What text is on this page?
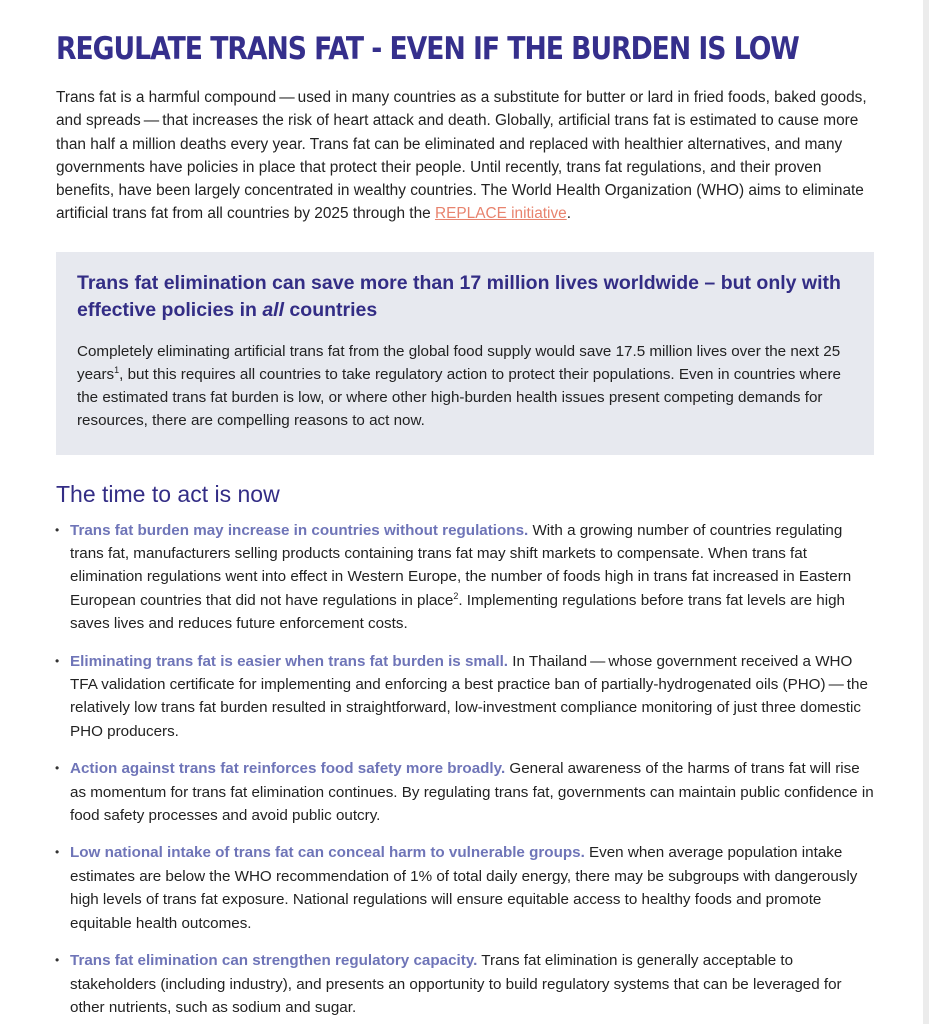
REGULATE TRANS FAT - EVEN IF THE BURDEN IS LOW

Trans fat is a harmful compound — used in many countries as a substitute for butter or lard in fried foods, baked goods, and spreads — that increases the risk of heart attack and death. Globally, artificial trans fat is estimated to cause more than half a million deaths every year. Trans fat can be eliminated and replaced with healthier alternatives, and many governments have policies in place that protect their people. Until recently, trans fat regulations, and their proven benefits, have been largely concentrated in wealthy countries. The World Health Organization (WHO) aims to eliminate artificial trans fat from all countries by 2025 through the REPLACE initiative.

Trans fat elimination can save more than 17 million lives worldwide – but only with effective policies in all countries

Completely eliminating artificial trans fat from the global food supply would save 17.5 million lives over the next 25 years$^1$, but this requires all countries to take regulatory action to protect their populations. Even in countries where the estimated trans fat burden is low, or where other high-burden health issues present competing demands for resources, there are compelling reasons to act now.

The time to act is now
• Trans fat burden may increase in countries without regulations. With a growing number of countries regulating trans fat, manufacturers selling products containing trans fat may shift markets to compensate. When trans fat elimination regulations went into effect in Western Europe, the number of foods high in trans fat increased in Eastern European countries that did not have regulations in place$^2$. Implementing regulations before trans fat levels are high saves lives and reduces future enforcement costs.
• Eliminating trans fat is easier when trans fat burden is small. In Thailand — whose government received a WHO TFA validation certificate for implementing and enforcing a best practice ban of partially-hydrogenated oils (PHO) — the relatively low trans fat burden resulted in straightforward, low-investment compliance monitoring of just three domestic PHO producers.
• Action against trans fat reinforces food safety more broadly. General awareness of the harms of trans fat will rise as momentum for trans fat elimination continues. By regulating trans fat, governments can maintain public confidence in food safety processes and avoid public outcry.
• Low national intake of trans fat can conceal harm to vulnerable groups. Even when average population intake estimates are below the WHO recommendation of 1% of total daily energy, there may be subgroups with dangerously high levels of trans fat exposure. National regulations will ensure equitable access to healthy foods and promote equitable health outcomes.
• Trans fat elimination can strengthen regulatory capacity. Trans fat elimination is generally acceptable to stakeholders (including industry), and presents an opportunity to build regulatory systems that can be leveraged for other nutrients, such as sodium and sugar.
